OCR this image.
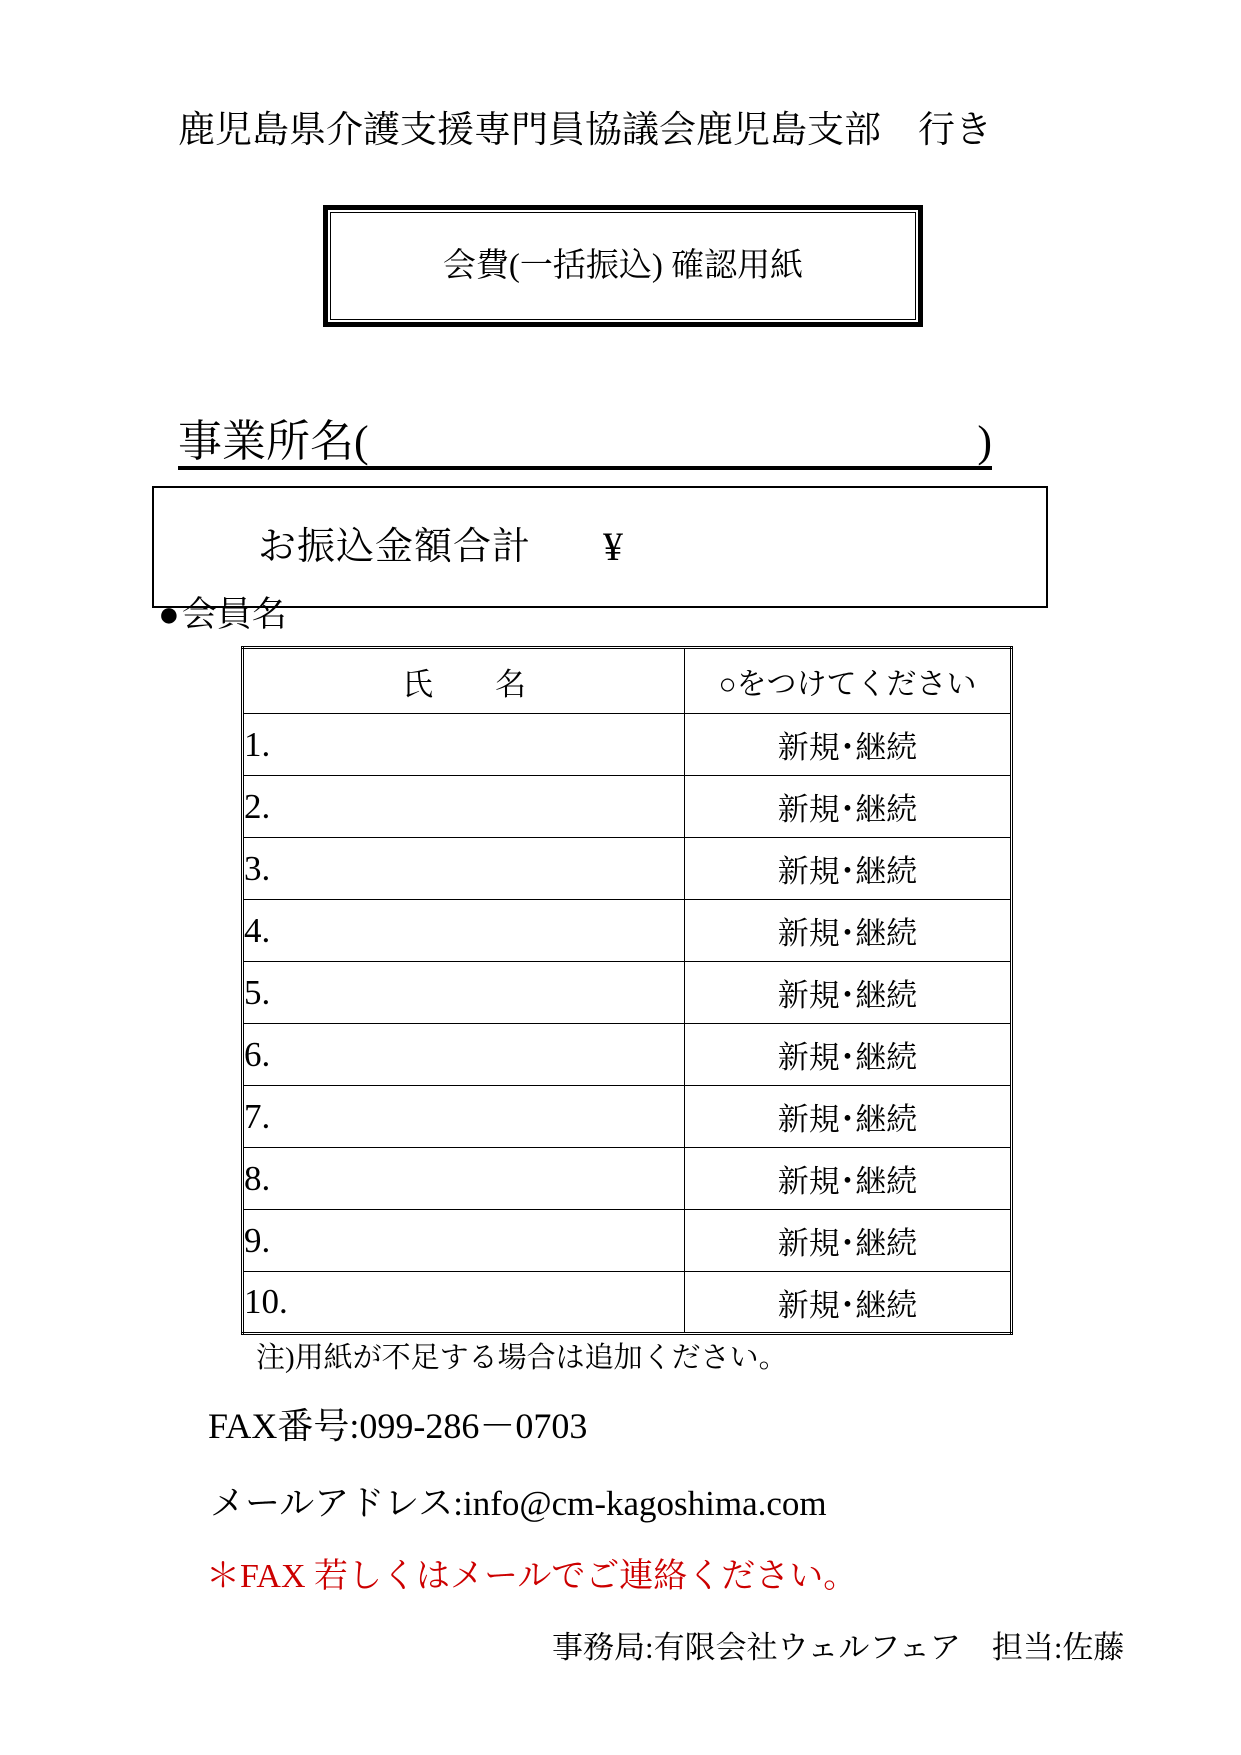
鹿児島県介護支援専門員協議会鹿児島支部　行き
会費(一括振込) 確認用紙
事業所名(	)
お振込金額合計 ¥
● 会員名
氏　　名	○をつけてください
1.	新規･継続
2.	新規･継続
3.	新規･継続
4.	新規･継続
5.	新規･継続
6.	新規･継続
7.	新規･継続
8.	新規･継続
9.	新規･継続
10.	新規･継続
注)用紙が不足する場合は追加ください。
FAX番号:099-286－0703
メールアドレス:info@cm-kagoshima.com
＊FAX 若しくはメールでご連絡ください。
事務局:有限会社ウェルフェア　担当:佐藤
